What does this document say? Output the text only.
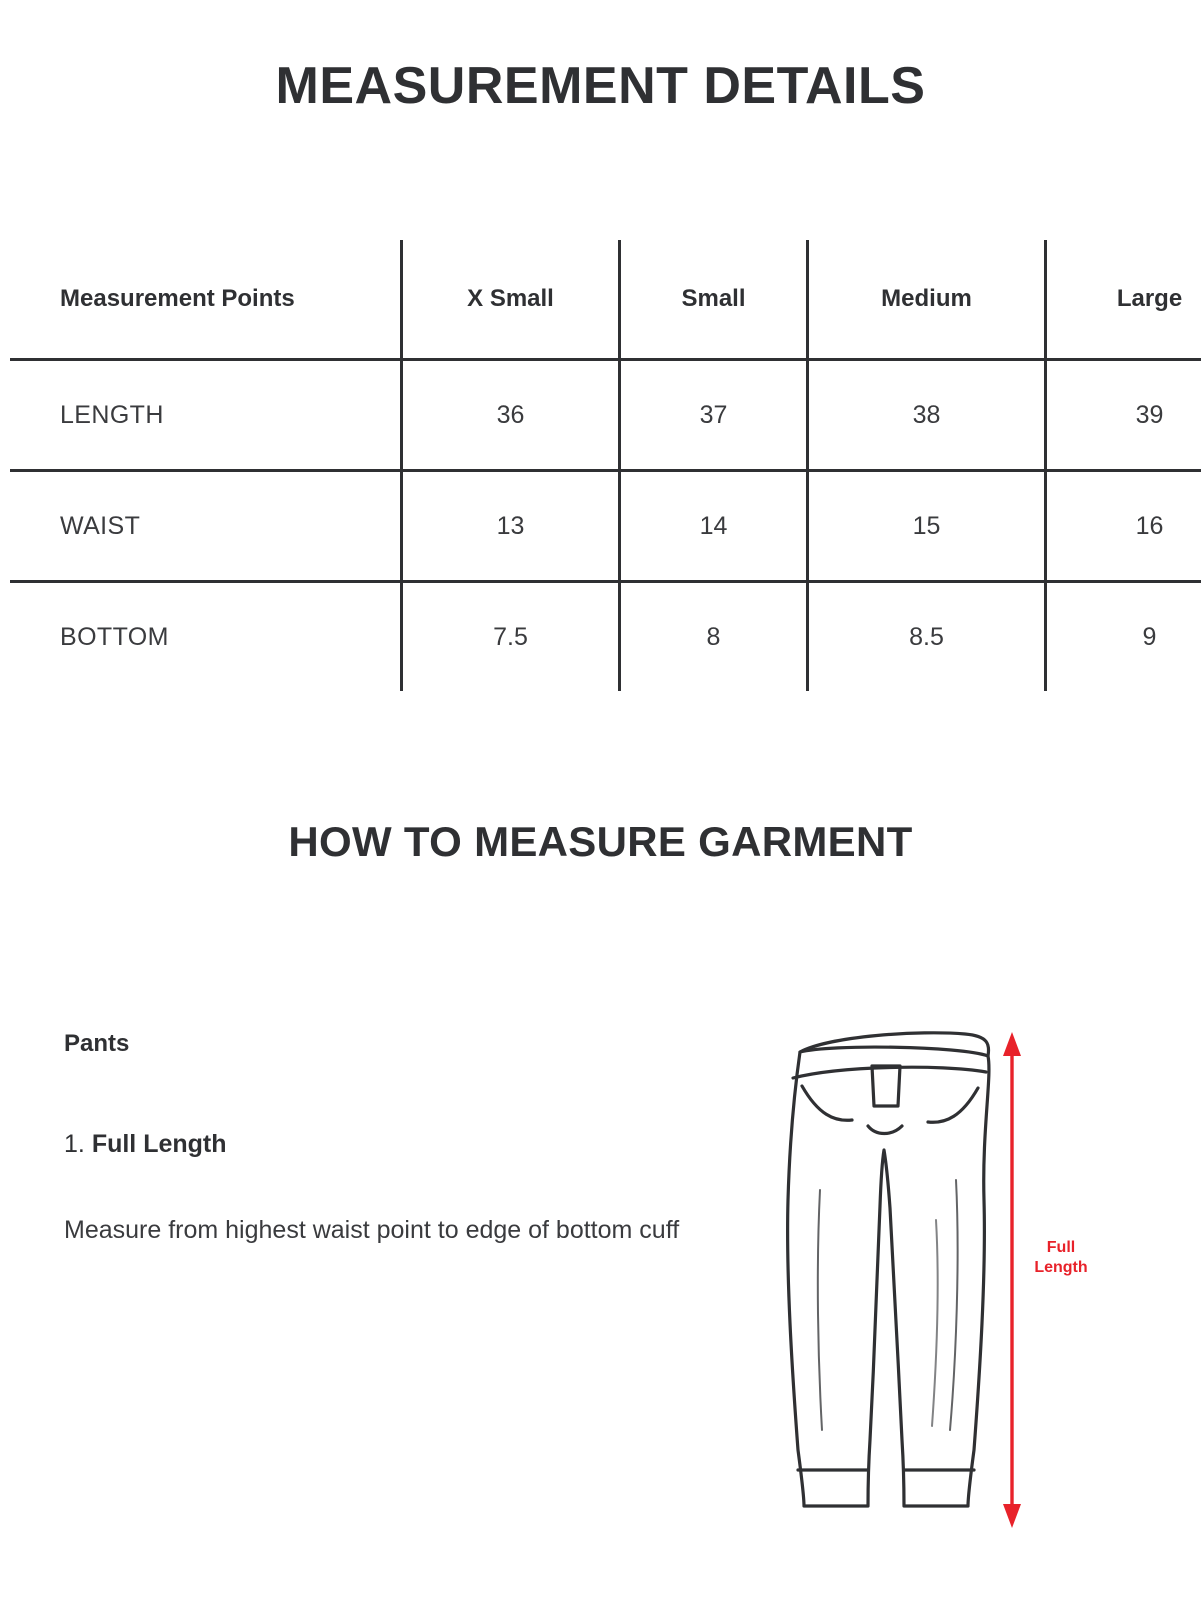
MEASUREMENT DETAILS
Measurement Points	X Small	Small	Medium	Large
LENGTH	36	37	38	39
WAIST	13	14	15	16
BOTTOM	7.5	8	8.5	9
HOW TO MEASURE GARMENT
Pants
1. Full Length
Measure from highest waist point to edge of bottom cuff
Full
Length
